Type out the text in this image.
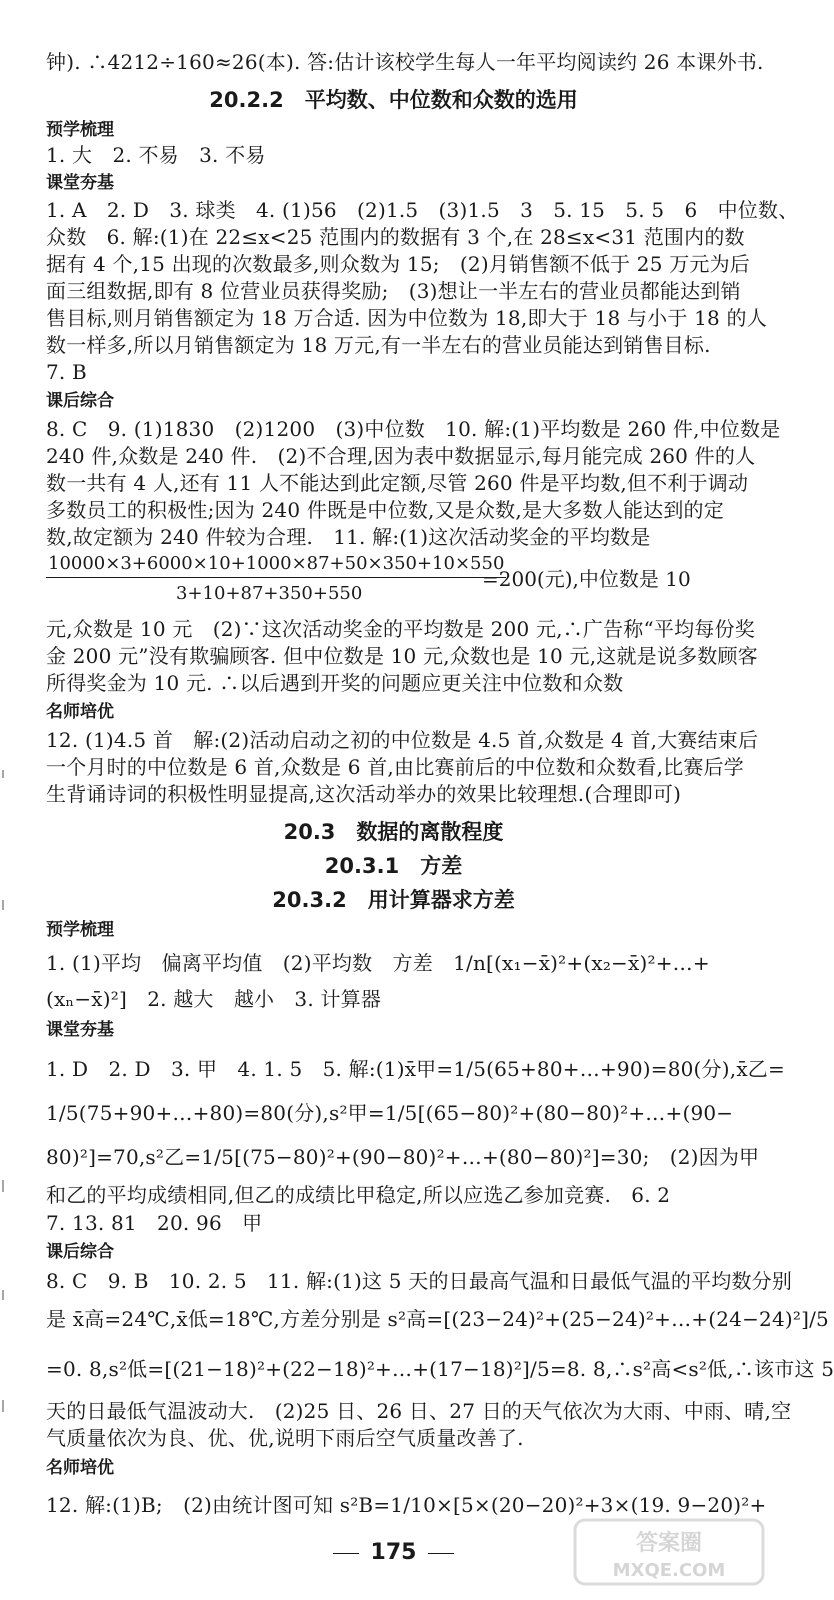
钟). ∴4212÷160≈26(本). 答:估计该校学生每人一年平均阅读约 26 本课外书.
20.2.2　平均数、中位数和众数的选用
预学梳理
1. 大　2. 不易　3. 不易
课堂夯基
1. A　2. D　3. 球类　4. (1)56　(2)1.5　(3)1.5　3　5. 15　5. 5　6　中位数、
众数　6. 解:(1)在 22≤x<25 范围内的数据有 3 个,在 28≤x<31 范围内的数
据有 4 个,15 出现的次数最多,则众数为 15;　(2)月销售额不低于 25 万元为后
面三组数据,即有 8 位营业员获得奖励;　(3)想让一半左右的营业员都能达到销
售目标,则月销售额定为 18 万合适. 因为中位数为 18,即大于 18 与小于 18 的人
数一样多,所以月销售额定为 18 万元,有一半左右的营业员能达到销售目标.
7. B
课后综合
8. C　9. (1)1830　(2)1200　(3)中位数　10. 解:(1)平均数是 260 件,中位数是
240 件,众数是 240 件.　(2)不合理,因为表中数据显示,每月能完成 260 件的人
数一共有 4 人,还有 11 人不能达到此定额,尽管 260 件是平均数,但不利于调动
多数员工的积极性;因为 240 件既是中位数,又是众数,是大多数人能达到的定
数,故定额为 240 件较为合理.　11. 解:(1)这次活动奖金的平均数是
10000×3+6000×10+1000×87+50×350+10×550
3+10+87+350+550
=200(元),中位数是 10
元,众数是 10 元　(2)∵这次活动奖金的平均数是 200 元,∴广告称“平均每份奖
金 200 元”没有欺骗顾客. 但中位数是 10 元,众数也是 10 元,这就是说多数顾客
所得奖金为 10 元. ∴以后遇到开奖的问题应更关注中位数和众数
名师培优
12. (1)4.5 首　解:(2)活动启动之初的中位数是 4.5 首,众数是 4 首,大赛结束后
一个月时的中位数是 6 首,众数是 6 首,由比赛前后的中位数和众数看,比赛后学
生背诵诗词的积极性明显提高,这次活动举办的效果比较理想.(合理即可)
20.3　数据的离散程度
20.3.1　方差
20.3.2　用计算器求方差
预学梳理
1. (1)平均　偏离平均值　(2)平均数　方差　1/n[(x₁−x̄)²+(x₂−x̄)²+…+
(xₙ−x̄)²]　2. 越大　越小　3. 计算器
课堂夯基
1. D　2. D　3. 甲　4. 1. 5　5. 解:(1)x̄甲=1/5(65+80+…+90)=80(分),x̄乙=
1/5(75+90+…+80)=80(分),s²甲=1/5[(65−80)²+(80−80)²+…+(90−
80)²]=70,s²乙=1/5[(75−80)²+(90−80)²+…+(80−80)²]=30;　(2)因为甲
和乙的平均成绩相同,但乙的成绩比甲稳定,所以应选乙参加竞赛.　6. 2
7. 13. 81　20. 96　甲
课后综合
8. C　9. B　10. 2. 5　11. 解:(1)这 5 天的日最高气温和日最低气温的平均数分别
是 x̄高=24℃,x̄低=18℃,方差分别是 s²高=[(23−24)²+(25−24)²+…+(24−24)²]/5
=0. 8,s²低=[(21−18)²+(22−18)²+…+(17−18)²]/5=8. 8,∴s²高<s²低,∴该市这 5
天的日最低气温波动大.　(2)25 日、26 日、27 日的天气依次为大雨、中雨、晴,空
气质量依次为良、优、优,说明下雨后空气质量改善了.
名师培优
12. 解:(1)B;　(2)由统计图可知 s²B=1/10×[5×(20−20)²+3×(19. 9−20)²+
175	答案圈
MXQE.COM
